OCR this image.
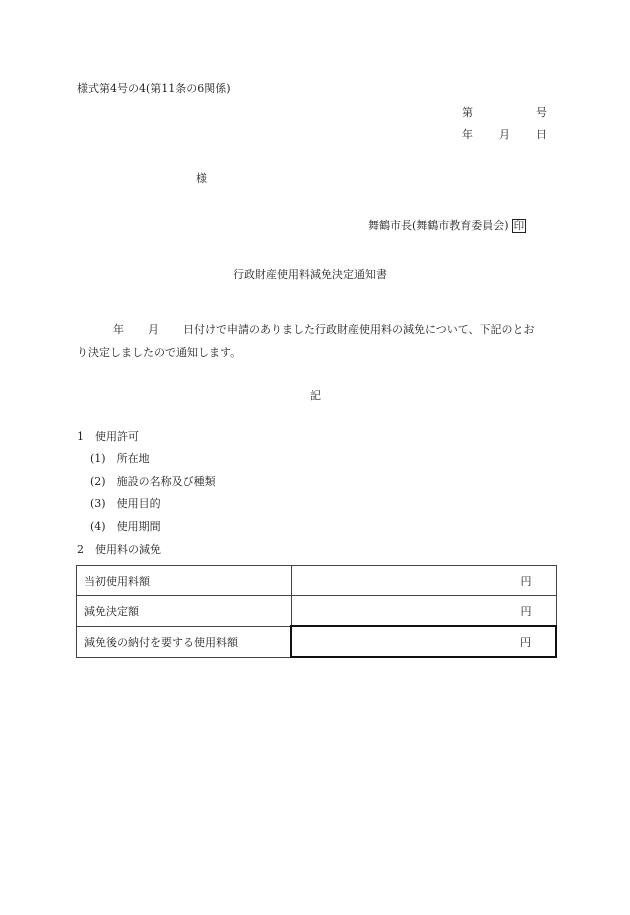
様式第4号の4(第11条の6関係)
第	号
年 月 日
様
舞鶴市長(舞鶴市教育委員会) 印
行政財産使用料減免決定通知書
年 月 日付けで申請のありました行政財産使用料の減免について、下記のとお
り決定しましたので通知します。
記
1　使用許可
(1)　所在地
(2)　施設の名称及び種類
(3)　使用目的
(4)　使用期間
2　使用料の減免
当初使用料額	円
減免決定額	円
減免後の納付を要する使用料額	円
